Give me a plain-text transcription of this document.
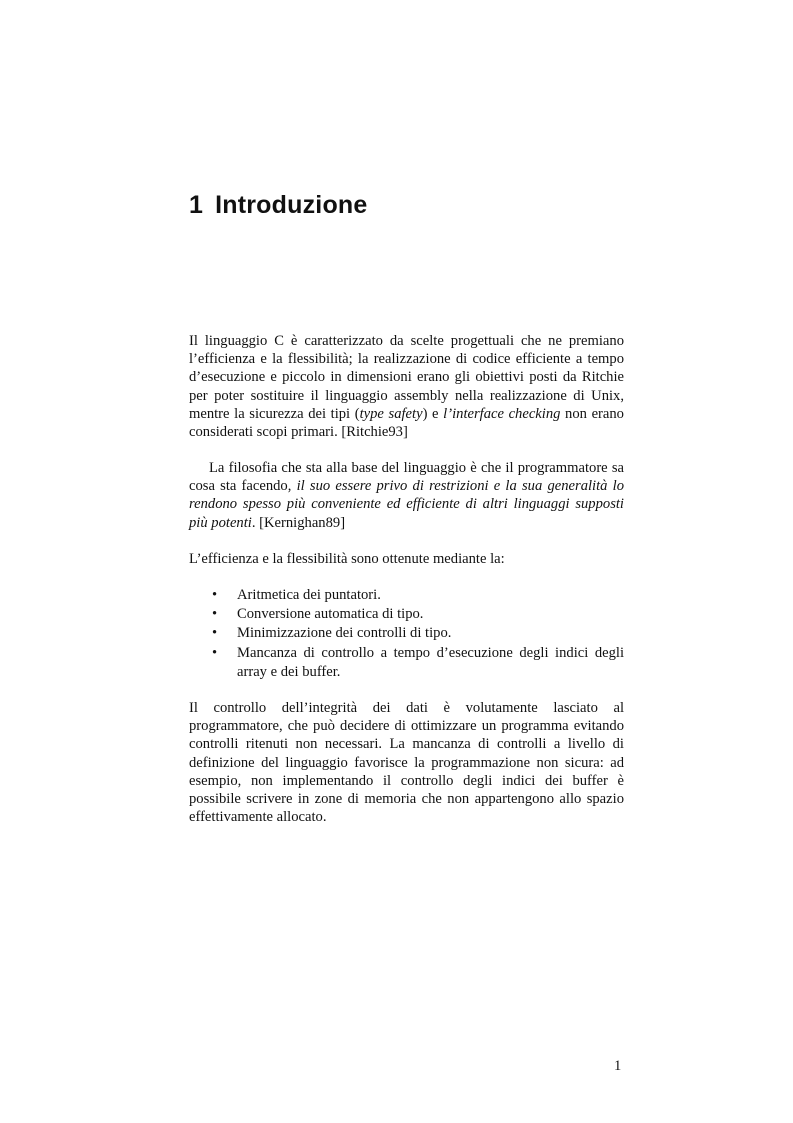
1 Introduzione

Il linguaggio C è caratterizzato da scelte progettuali che ne premiano l’efficienza e la flessibilità; la realizzazione di codice efficiente a tempo d’esecuzione e piccolo in dimensioni erano gli obiettivi posti da Ritchie per poter sostituire il linguaggio assembly nella realizzazione di Unix, mentre la sicurezza dei tipi (type safety) e l’interface checking non erano considerati scopi primari. [Ritchie93]

La filosofia che sta alla base del linguaggio è che il programmatore sa cosa sta facendo, il suo essere privo di restrizioni e la sua generalità lo rendono spesso più conveniente ed efficiente di altri linguaggi supposti più potenti. [Kernighan89]

L’efficienza e la flessibilità sono ottenute mediante la:

• Aritmetica dei puntatori.
• Conversione automatica di tipo.
• Minimizzazione dei controlli di tipo.
• Mancanza di controllo a tempo d’esecuzione degli indici degli array e dei buffer.

Il controllo dell’integrità dei dati è volutamente lasciato al programmatore, che può decidere di ottimizzare un programma evitando controlli ritenuti non necessari. La mancanza di controlli a livello di definizione del linguaggio favorisce la programmazione non sicura: ad esempio, non implementando il controllo degli indici dei buffer è possibile scrivere in zone di memoria che non appartengono allo spazio effettivamente allocato.

1
